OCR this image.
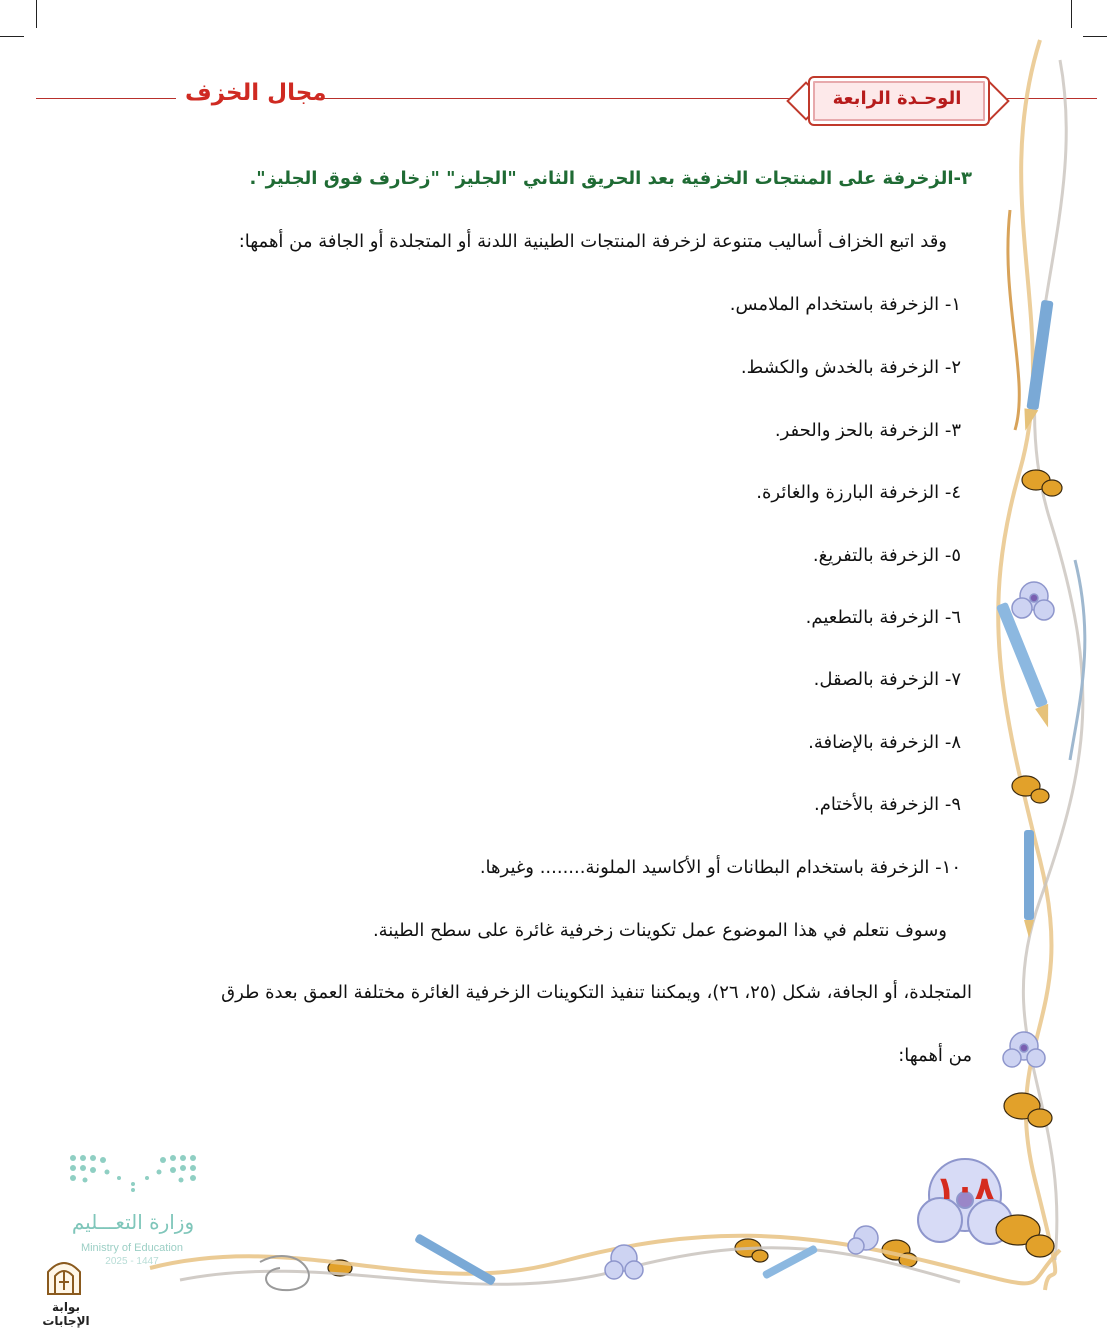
مجال الخزف	الوحـدة الرابعة
٣-الزخرفة على المنتجات الخزفية بعد الحريق الثاني "الجليز" "زخارف فوق الجليز".
وقد اتبع الخزاف أساليب متنوعة لزخرفة المنتجات الطينية اللدنة أو المتجلدة أو الجافة من أهمها:
١- الزخرفة باستخدام الملامس.
٢- الزخرفة بالخدش والكشط.
٣- الزخرفة بالحز والحفر.
٤- الزخرفة البارزة والغائرة.
٥- الزخرفة بالتفريغ.
٦- الزخرفة بالتطعيم.
٧- الزخرفة بالصقل.
٨- الزخرفة بالإضافة.
٩- الزخرفة بالأختام.
١٠- الزخرفة باستخدام البطانات أو الأكاسيد الملونة........ وغيرها.
وسوف نتعلم في هذا الموضوع عمل تكوينات زخرفية غائرة على سطح الطينة.
المتجلدة، أو الجافة، شكل (٢٥، ٢٦)، ويمكننا تنفيذ التكوينات الزخرفية الغائرة مختلفة العمق بعدة طرق
من أهمها:
١٠٨
وزارة التعـــليم
Ministry of Education
2025 - 1447
بوابة الإجابات
